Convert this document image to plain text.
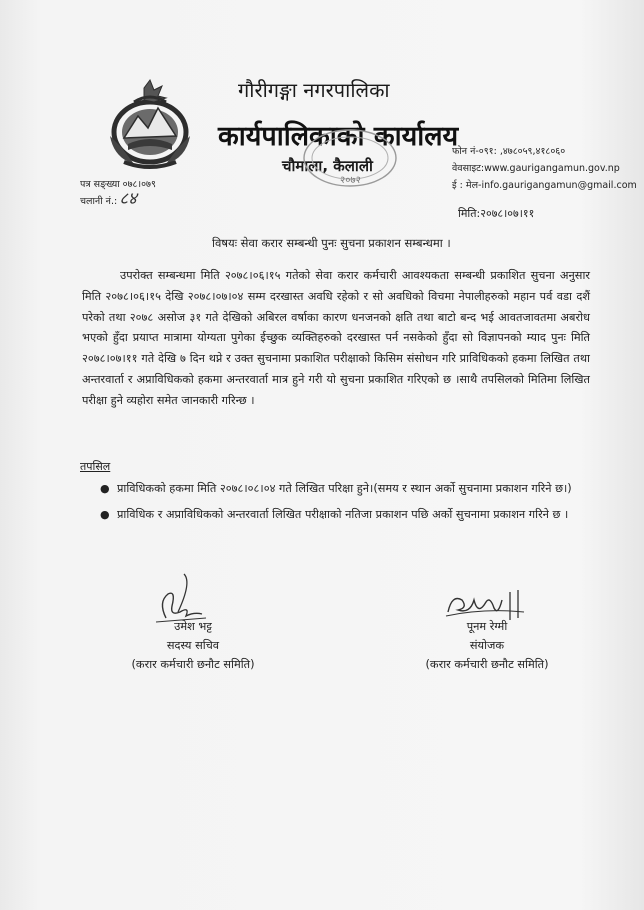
गौरीगङ्गा नगरपालिका
कार्यपालिकाको कार्यालय
चौमाला, कैलाली
२०७२
फोन नं-०९१: ,४७८०५९,४१८०६०
वेवसाइट:www.gaurigangamun.gov.np
ई : मेल-info.gaurigangamun@gmail.com
पत्र सङ्ख्या ०७८।०७९
चलानी नं.: ८४
मिति:२०७८।०७।११
विषयः सेवा करार सम्बन्धी पुनः सुचना प्रकाशन सम्बन्धमा ।
उपरोक्त सम्बन्धमा मिति २०७८।०६।१५ गतेको सेवा करार कर्मचारी आवश्यकता सम्बन्धी प्रकाशित सुचना अनुसार मिति २०७८।०६।१५ देखि २०७८।०७।०४ सम्म दरखास्त अवधि रहेको र सो अवधिको विचमा नेपालीहरुको महान पर्व वडा दशैं परेको तथा २०७८ असोज ३१ गते देखिको अबिरल वर्षाका कारण धनजनको क्षति तथा बाटो बन्द भई आवतजावतमा अबरोध भएको हुँदा प्रयाप्त मात्रामा योग्यता पुगेका ईच्छुक व्यक्तिहरुको दरखास्त पर्न नसकेको हुँदा सो विज्ञापनको म्याद पुनः मिति २०७८।०७।११ गते देखि ७ दिन थप्ने र उक्त सुचनामा प्रकाशित परीक्षाको किसिम संसोधन गरि प्राविधिकको हकमा लिखित तथा अन्तरवार्ता र अप्राविधिकको हकमा अन्तरवार्ता मात्र हुने गरी यो सुचना प्रकाशित गरिएको छ ।साथै तपसिलको मितिमा लिखित परीक्षा हुने व्यहोरा समेत जानकारी गरिन्छ ।
तपसिल
● प्राविधिकको हकमा मिति २०७८।०८।०४ गते लिखित परिक्षा हुने।(समय र स्थान अर्को सुचनामा प्रकाशन गरिने छ।)
● प्राविधिक र अप्राविधिकको अन्तरवार्ता लिखित परीक्षाको नतिजा प्रकाशन पछि अर्को सुचनामा प्रकाशन गरिने छ ।
उमेश भट्ट
सदस्य सचिव
(करार कर्मचारी छनौट समिति)
पूनम रेग्मी
संयोजक
(करार कर्मचारी छनौट समिति)
